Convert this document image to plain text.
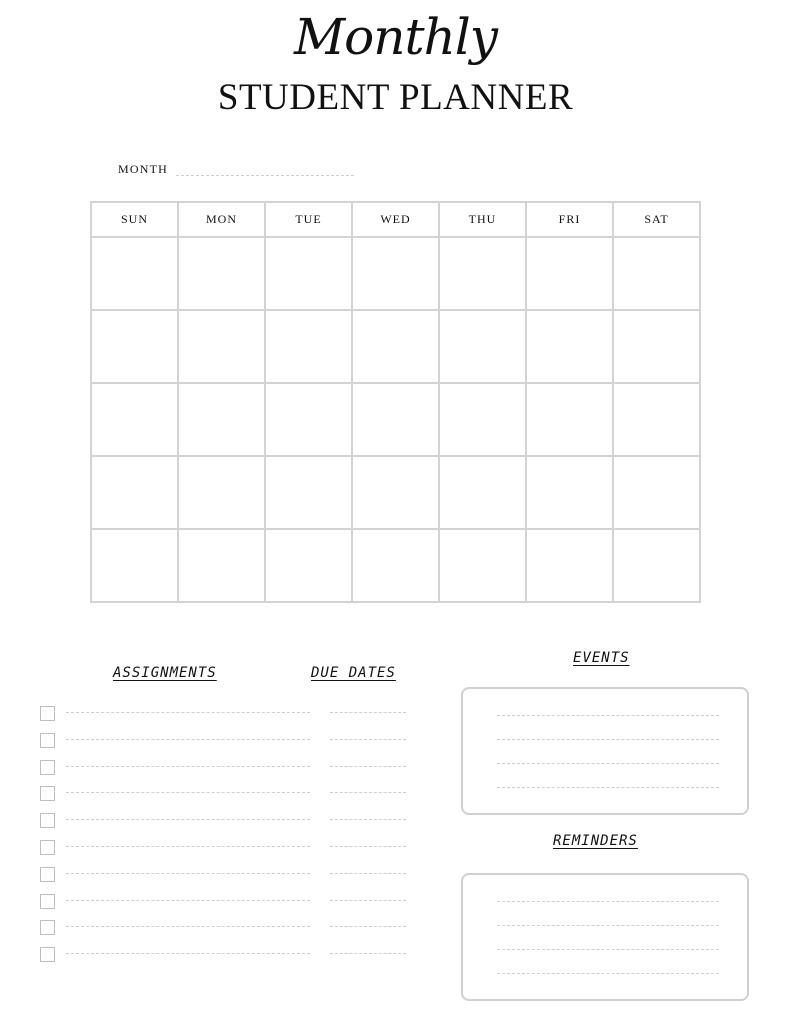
Monthly
STUDENT PLANNER
MONTH
SUN	MON	TUE	WED	THU	FRI	SAT

ASSIGNMENTS	DUE DATES
EVENTS
REMINDERS
